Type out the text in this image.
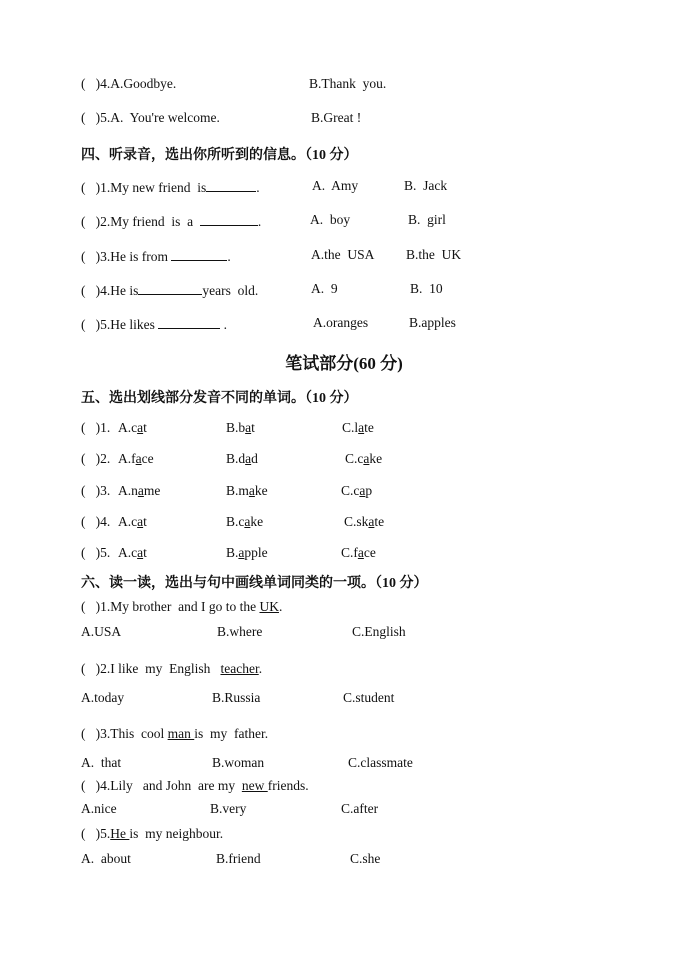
(   )4.A.Goodbye.	B.Thank  you.
(   )5.A.  You're welcome.	B.Great !
四、听录音，选出你所听到的信息。（10 分）
(   )1.My new friend  is	.	A.  Amy	B.  Jack
(   )2.My friend  is  a	.	A.  boy	B.  girl
(   )3.He is from	.	A.the  USA B.the  UK
(   )4.He is	years  old.	A.  9	B.  10
(   )5.He likes	.	A.oranges	B.apples
笔试部分(60 分)
五、选出划线部分发音不同的单词。（10 分）
(   )1. A.cat	B.bat	C.late
(   )2. A.face	B.dad	C.cake
(   )3. A.name	B.make	C.cap
(   )4. A.cat	B.cake	C.skate
(   )5. A.cat	B.apple	C.face
六、读一读，选出与句中画线单词同类的一项。（10 分）
(   )1.My brother  and I go to the UK.
A.USA	B.where	C.English
(   )2.I like  my  English   teacher.
A.today	B.Russia	C.student
(   )3.This  cool man is  my  father.
A.  that	B.woman	C.classmate
(   )4.Lily   and John  are my  new friends.
A.nice	B.very	C.after
(   )5.He is  my neighbour.
A.  about	B.friend	C.she
